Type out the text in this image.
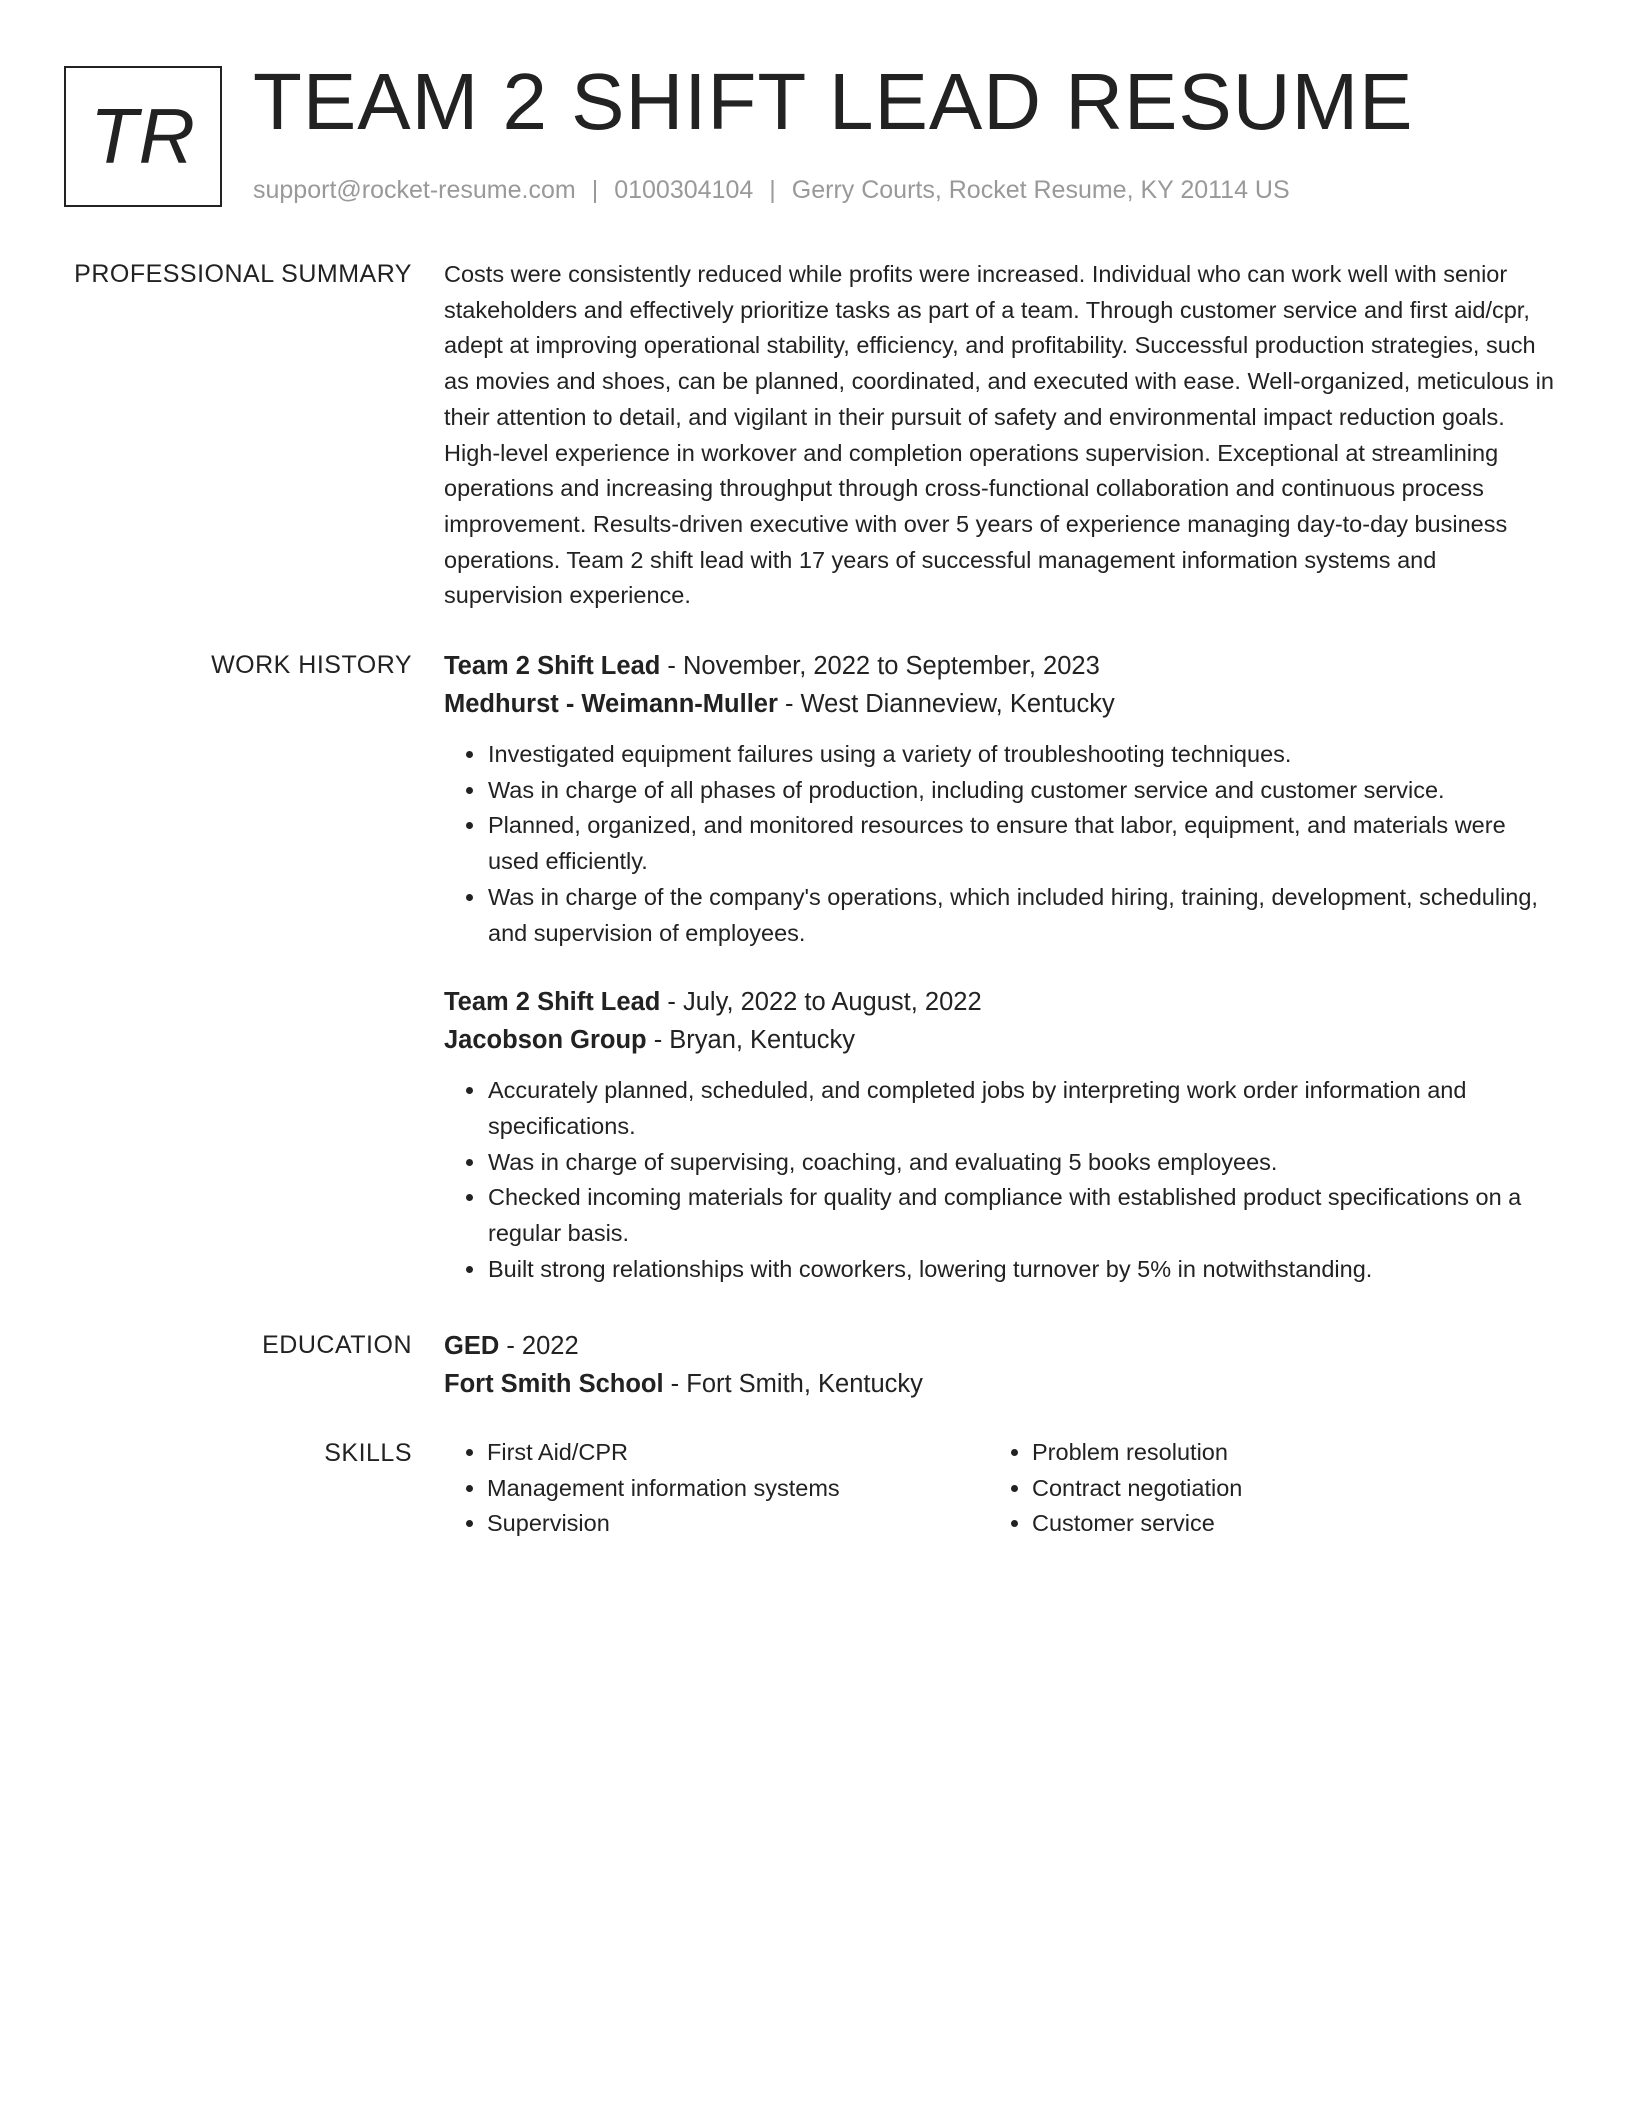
TR TEAM 2 SHIFT LEAD RESUME
support@rocket-resume.com | 0100304104 | Gerry Courts, Rocket Resume, KY 20114 US
PROFESSIONAL SUMMARY Costs were consistently reduced while profits were increased. Individual who can work well with senior stakeholders and effectively prioritize tasks as part of a team. Through customer service and first aid/cpr, adept at improving operational stability, efficiency, and profitability. Successful production strategies, such as movies and shoes, can be planned, coordinated, and executed with ease. Well-organized, meticulous in their attention to detail, and vigilant in their pursuit of safety and environmental impact reduction goals. High-level experience in workover and completion operations supervision. Exceptional at streamlining operations and increasing throughput through cross-functional collaboration and continuous process improvement. Results-driven executive with over 5 years of experience managing day-to-day business operations. Team 2 shift lead with 17 years of successful management information systems and supervision experience.

WORK HISTORY Team 2 Shift Lead - November, 2022 to September, 2023
Medhurst - Weimann-Muller - West Dianneview, Kentucky
• Investigated equipment failures using a variety of troubleshooting techniques.
• Was in charge of all phases of production, including customer service and customer service.
• Planned, organized, and monitored resources to ensure that labor, equipment, and materials were used efficiently.
• Was in charge of the company's operations, which included hiring, training, development, scheduling, and supervision of employees.
Team 2 Shift Lead - July, 2022 to August, 2022
Jacobson Group - Bryan, Kentucky
• Accurately planned, scheduled, and completed jobs by interpreting work order information and specifications.
• Was in charge of supervising, coaching, and evaluating 5 books employees.
• Checked incoming materials for quality and compliance with established product specifications on a regular basis.
• Built strong relationships with coworkers, lowering turnover by 5% in notwithstanding.
EDUCATION GED - 2022
Fort Smith School - Fort Smith, Kentucky
SKILLS
•	First Aid/CPR
• Management information systems
• Supervision
• Problem resolution
• Contract negotiation
• Customer service
